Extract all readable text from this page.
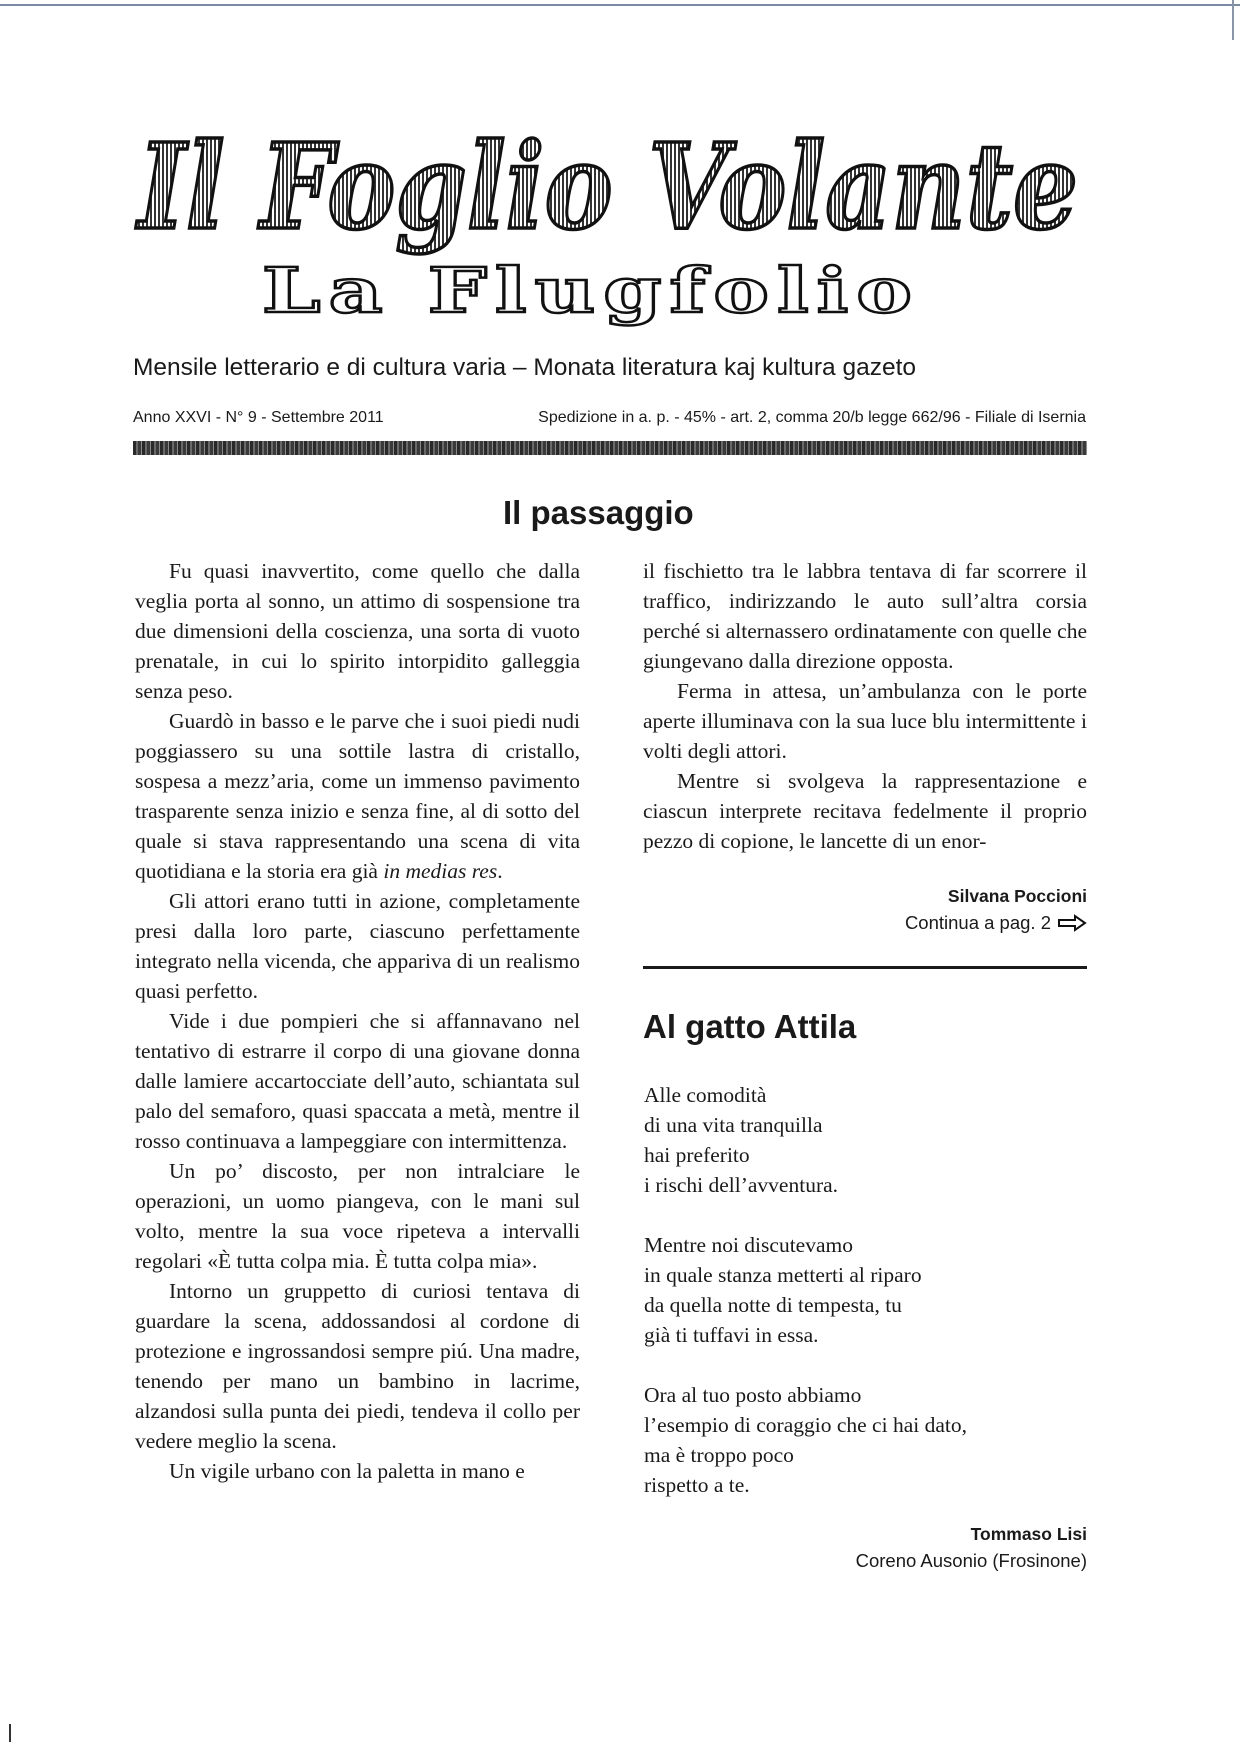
Il Foglio Volante
La Flugfolio
Mensile letterario e di cultura varia – Monata literatura kaj kultura gazeto
Anno XXVI - N° 9 - Settembre 2011	Spedizione in a. p. - 45% - art. 2, comma 20/b legge 662/96 - Filiale di Isernia
Il passaggio

Fu quasi inavvertito, come quello che dalla veglia porta al sonno, un attimo di sospensione tra due dimensioni della coscienza, una sorta di vuoto prenatale, in cui lo spirito intorpidito galleggia senza peso.

Guardò in basso e le parve che i suoi piedi nudi poggiassero su una sottile lastra di cristallo, sospesa a mezz’aria, come un immenso pavimento trasparente senza inizio e senza fine, al di sotto del quale si stava rappresentando una scena di vita quotidiana e la storia era già in medias res.

Gli attori erano tutti in azione, completamente presi dalla loro parte, ciascuno perfettamente integrato nella vicenda, che appariva di un realismo quasi perfetto.

Vide i due pompieri che si affannavano nel tentativo di estrarre il corpo di una giovane donna dalle lamiere accartocciate dell’auto, schiantata sul palo del semaforo, quasi spaccata a metà, mentre il rosso continuava a lampeggiare con intermittenza.

Un po’ discosto, per non intralciare le operazioni, un uomo piangeva, con le mani sul volto, mentre la sua voce ripeteva a intervalli regolari «È tutta colpa mia. È tutta colpa mia».

Intorno un gruppetto di curiosi tentava di guardare la scena, addossandosi al cordone di protezione e ingrossandosi sempre piú. Una madre, tenendo per mano un bambino in lacrime, alzandosi sulla punta dei piedi, tendeva il collo per vedere meglio la scena.

Un vigile urbano con la paletta in mano e

il fischietto tra le labbra tentava di far scorrere il traffico, indirizzando le auto sull’altra corsia perché si alternassero ordinatamente con quelle che giungevano dalla direzione opposta.

Ferma in attesa, un’ambulanza con le porte aperte illuminava con la sua luce blu intermittente i volti degli attori.

Mentre si svolgeva la rappresentazione e ciascun interprete recitava fedelmente il proprio pezzo di copione, le lancette di un enor-

Silvana Poccioni
Continua a pag. 2
Al gatto Attila
Alle comodità
di una vita tranquilla
hai preferito
i rischi dell’avventura.
Mentre noi discutevamo
in quale stanza metterti al riparo
da quella notte di tempesta, tu
già ti tuffavi in essa.
Ora al tuo posto abbiamo
l’esempio di coraggio che ci hai dato,
ma è troppo poco
rispetto a te.
Tommaso Lisi
Coreno Ausonio (Frosinone)
